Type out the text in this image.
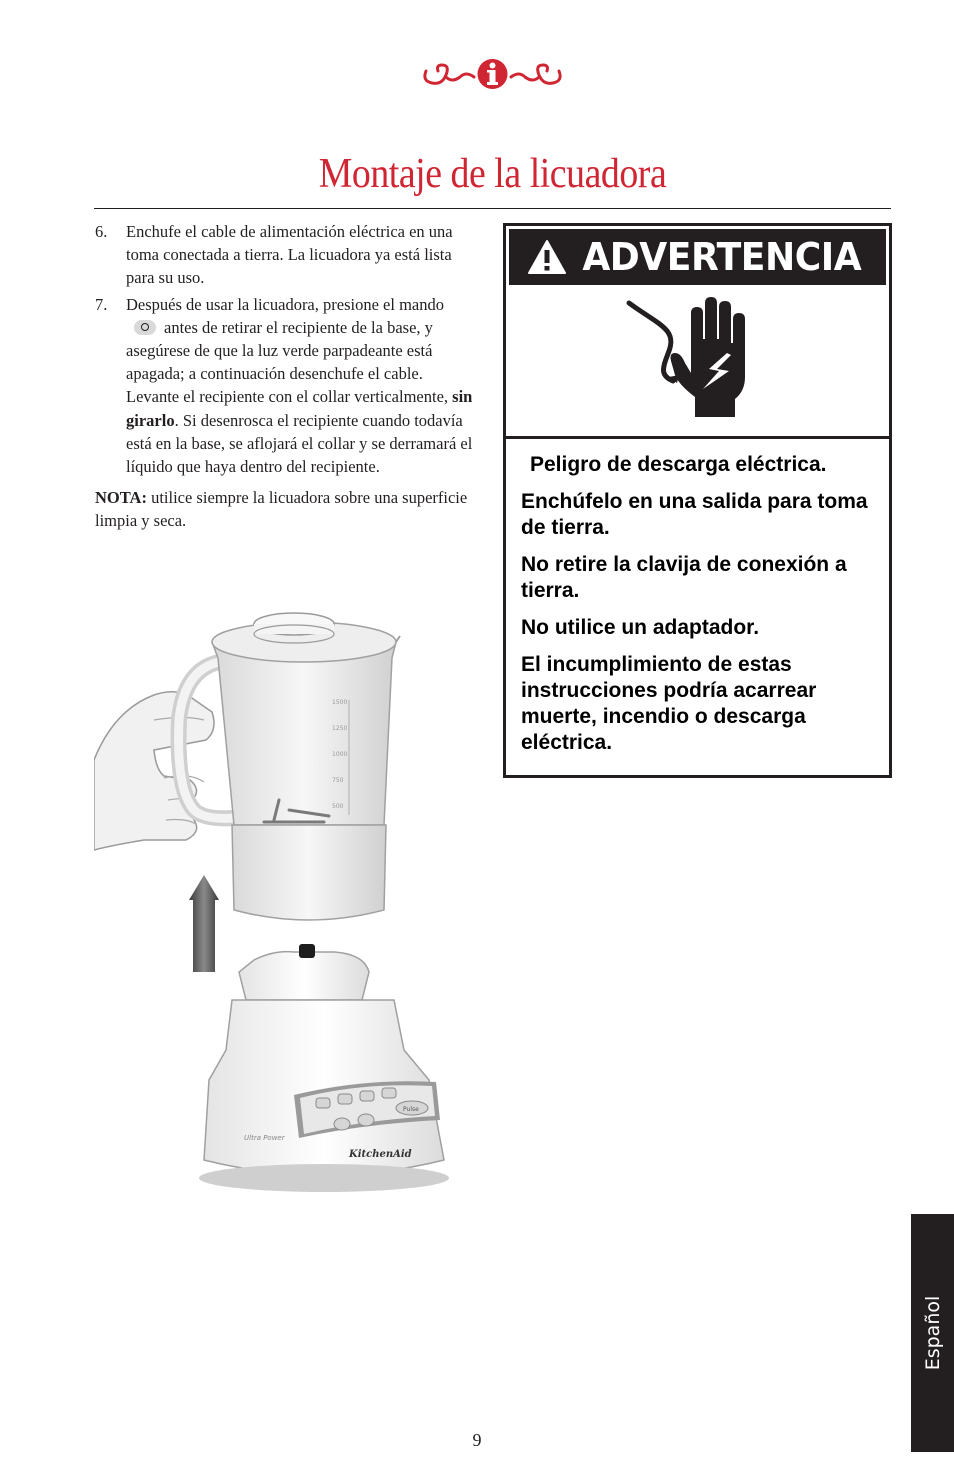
Montaje de la licuadora
6. Enchufe el cable de alimentación eléctrica en una toma conectada a tierra. La licuadora ya está lista para su uso.
7. Después de usar la licuadora, presione el mandoantes de retirar el recipiente de la base, y asegúrese de que la luz verde parpadeante está apagada; a continuación desenchufe el cable. Levante el recipiente con el collar verticalmente, sin girarlo. Si desenrosca el recipiente cuando todavía está en la base, se aflojará el collar y se derramará el líquido que haya dentro del recipiente.
NOTA: utilice siempre la licuadora sobre una superficie limpia y seca.
ADVERTENCIA

Peligro de descarga eléctrica.

Enchúfelo en una salida para toma de tierra.

No retire la clavija de conexión a tierra.

No utilice un adaptador.

El incumplimiento de estas instrucciones podría acarrear muerte, incendio o descarga eléctrica.

1500
1250
1000
750
500
Pulse
Ultra Power
KitchenAid
Español
9
